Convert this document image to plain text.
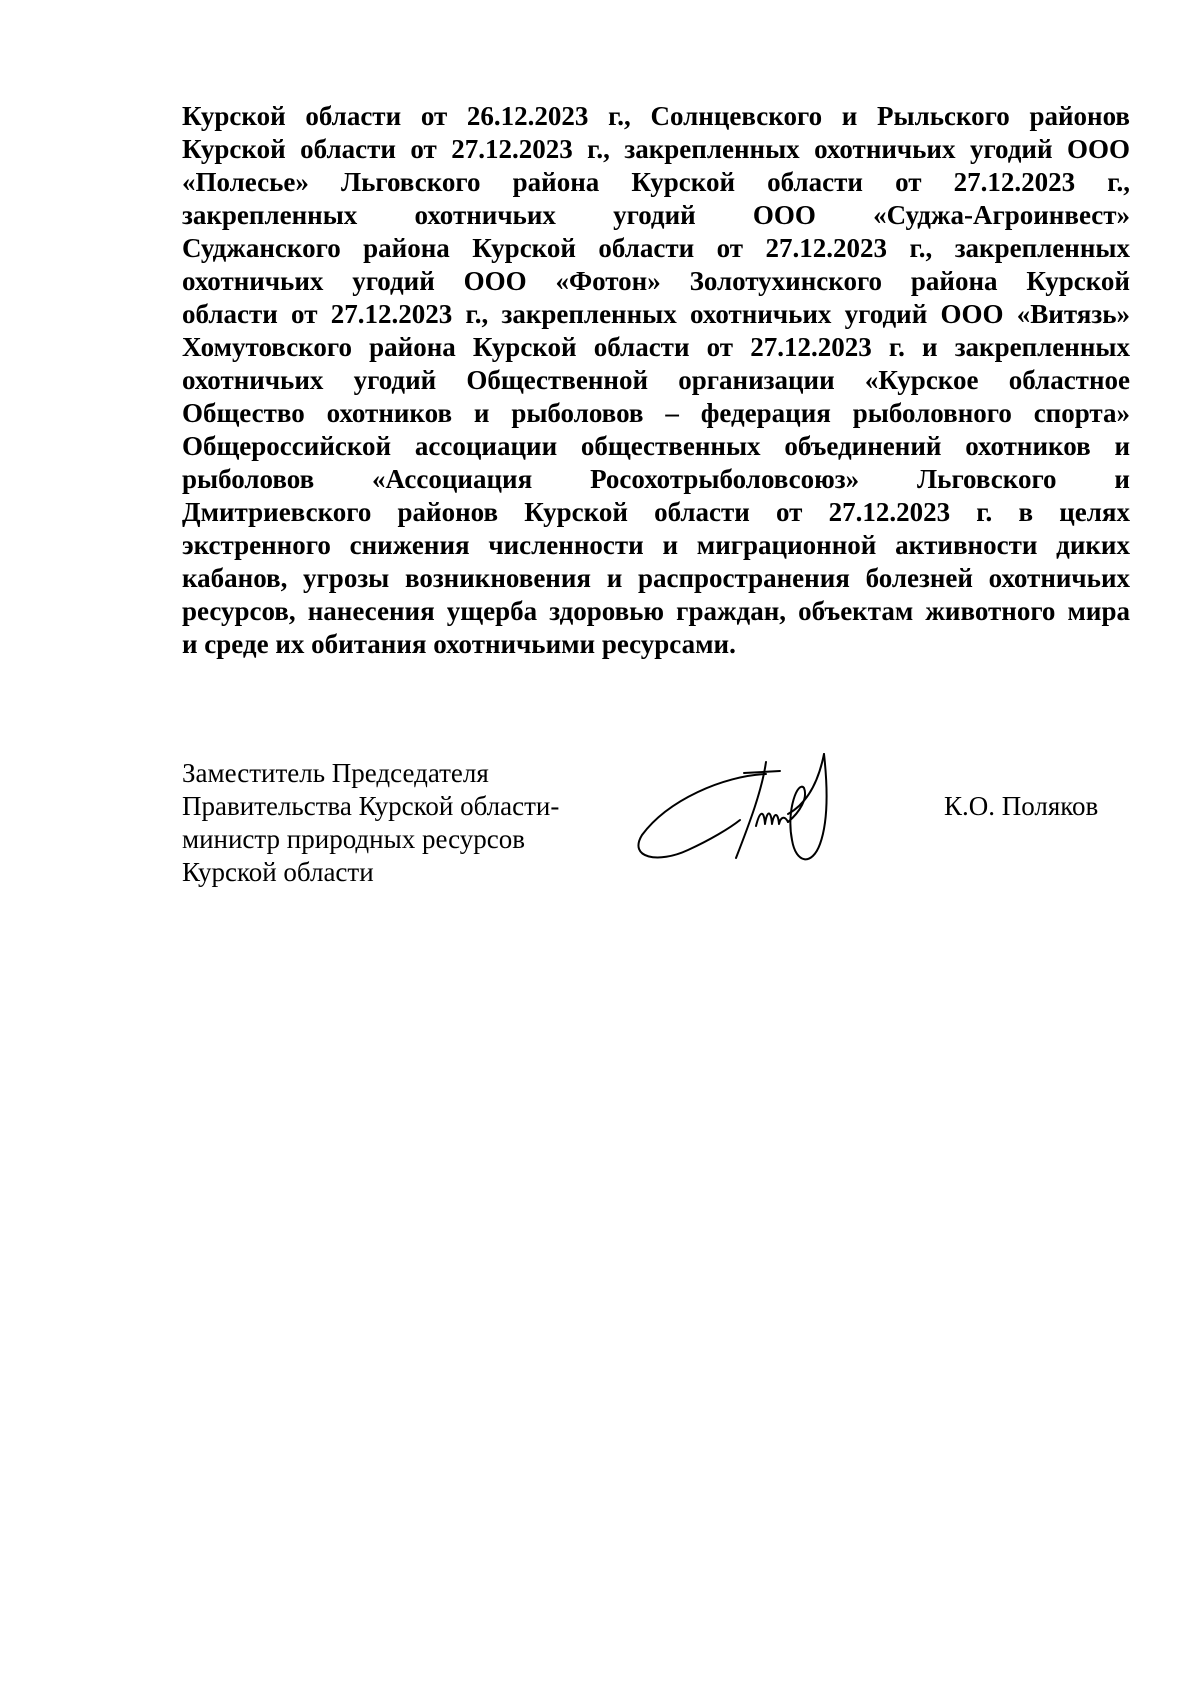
Курской области от 26.12.2023 г., Солнцевского и Рыльского районов
Курской области от 27.12.2023 г., закрепленных охотничьих угодий ООО
«Полесье» Льговского района Курской области от 27.12.2023 г.,
закрепленных охотничьих угодий ООО «Суджа-Агроинвест»
Суджанского района Курской области от 27.12.2023 г., закрепленных
охотничьих угодий ООО «Фотон» Золотухинского района Курской
области от 27.12.2023 г., закрепленных охотничьих угодий ООО «Витязь»
Хомутовского района Курской области от 27.12.2023 г. и закрепленных
охотничьих угодий Общественной организации «Курское областное
Общество охотников и рыболовов – федерация рыболовного спорта»
Общероссийской ассоциации общественных объединений охотников и
рыболовов «Ассоциация Росохотрыболовсоюз» Льговского и
Дмитриевского районов Курской области от 27.12.2023 г. в целях
экстренного снижения численности и миграционной активности диких
кабанов, угрозы возникновения и распространения болезней охотничьих
ресурсов, нанесения ущерба здоровью граждан, объектам животного мира
и среде их обитания охотничьими ресурсами.
Заместитель Председателя
Правительства Курской области-
министр природных ресурсов
Курской области
К.О. Поляков
